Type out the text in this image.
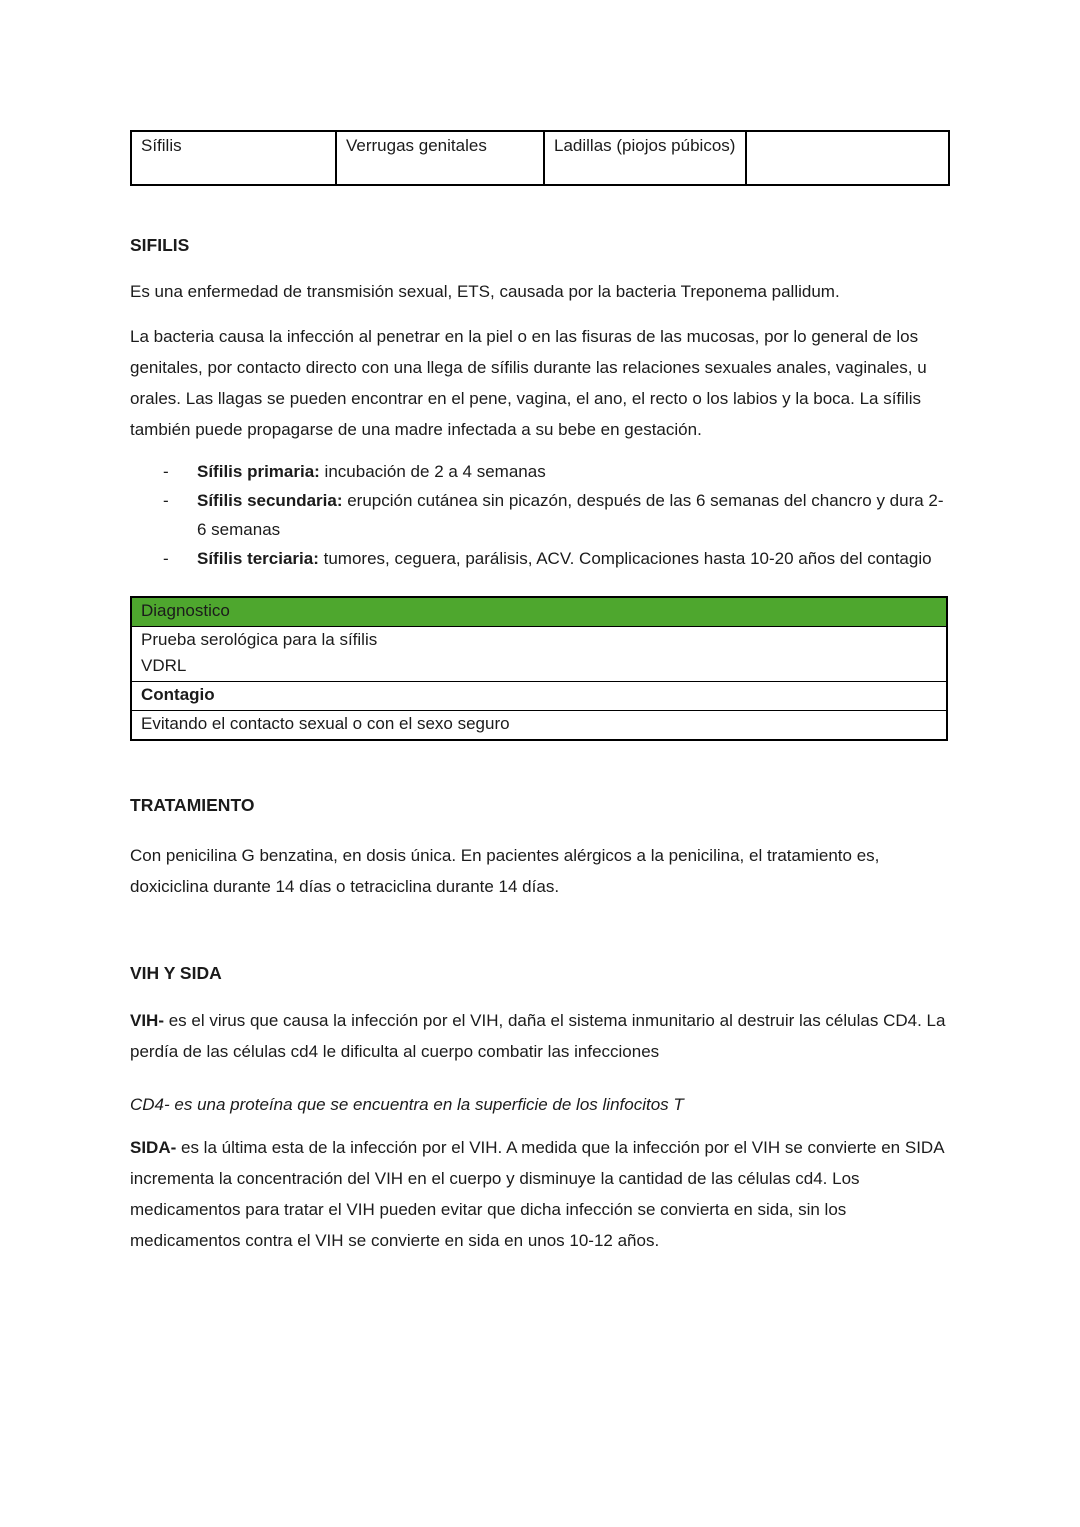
Sífilis	Verrugas genitales	Ladillas (piojos púbicos)	

SIFILIS

Es una enfermedad de transmisión sexual, ETS, causada por la bacteria Treponema pallidum.

La bacteria causa la infección al penetrar en la piel o en las fisuras de las mucosas, por lo general de los genitales, por contacto directo con una llega de sífilis durante las relaciones sexuales anales, vaginales, u orales. Las llagas se pueden encontrar en el pene, vagina, el ano, el recto o los labios y la boca. La sífilis también puede propagarse de una madre infectada a su bebe en gestación.

-	Sífilis primaria: incubación de 2 a 4 semanas
-	Sífilis secundaria: erupción cutánea sin picazón, después de las 6 semanas del chancro y dura 2-6 semanas
-	Sífilis terciaria: tumores, ceguera, parálisis, ACV. Complicaciones hasta 10-20 años del contagio
Diagnostico
Prueba serológica para la sífilis
VDRL
Contagio
Evitando el contacto sexual o con el sexo seguro

TRATAMIENTO

Con penicilina G benzatina, en dosis única. En pacientes alérgicos a la penicilina, el tratamiento es, doxiciclina durante 14 días o tetraciclina durante 14 días.

VIH Y SIDA

VIH- es el virus que causa la infección por el VIH, daña el sistema inmunitario al destruir las células CD4. La perdía de las células cd4 le dificulta al cuerpo combatir las infecciones

CD4- es una proteína que se encuentra en la superficie de los linfocitos T

SIDA- es la última esta de la infección por el VIH. A medida que la infección por el VIH se convierte en SIDA incrementa la concentración del VIH en el cuerpo y disminuye la cantidad de las células cd4. Los medicamentos para tratar el VIH pueden evitar que dicha infección se convierta en sida, sin los medicamentos contra el VIH se convierte en sida en unos 10-12 años.
